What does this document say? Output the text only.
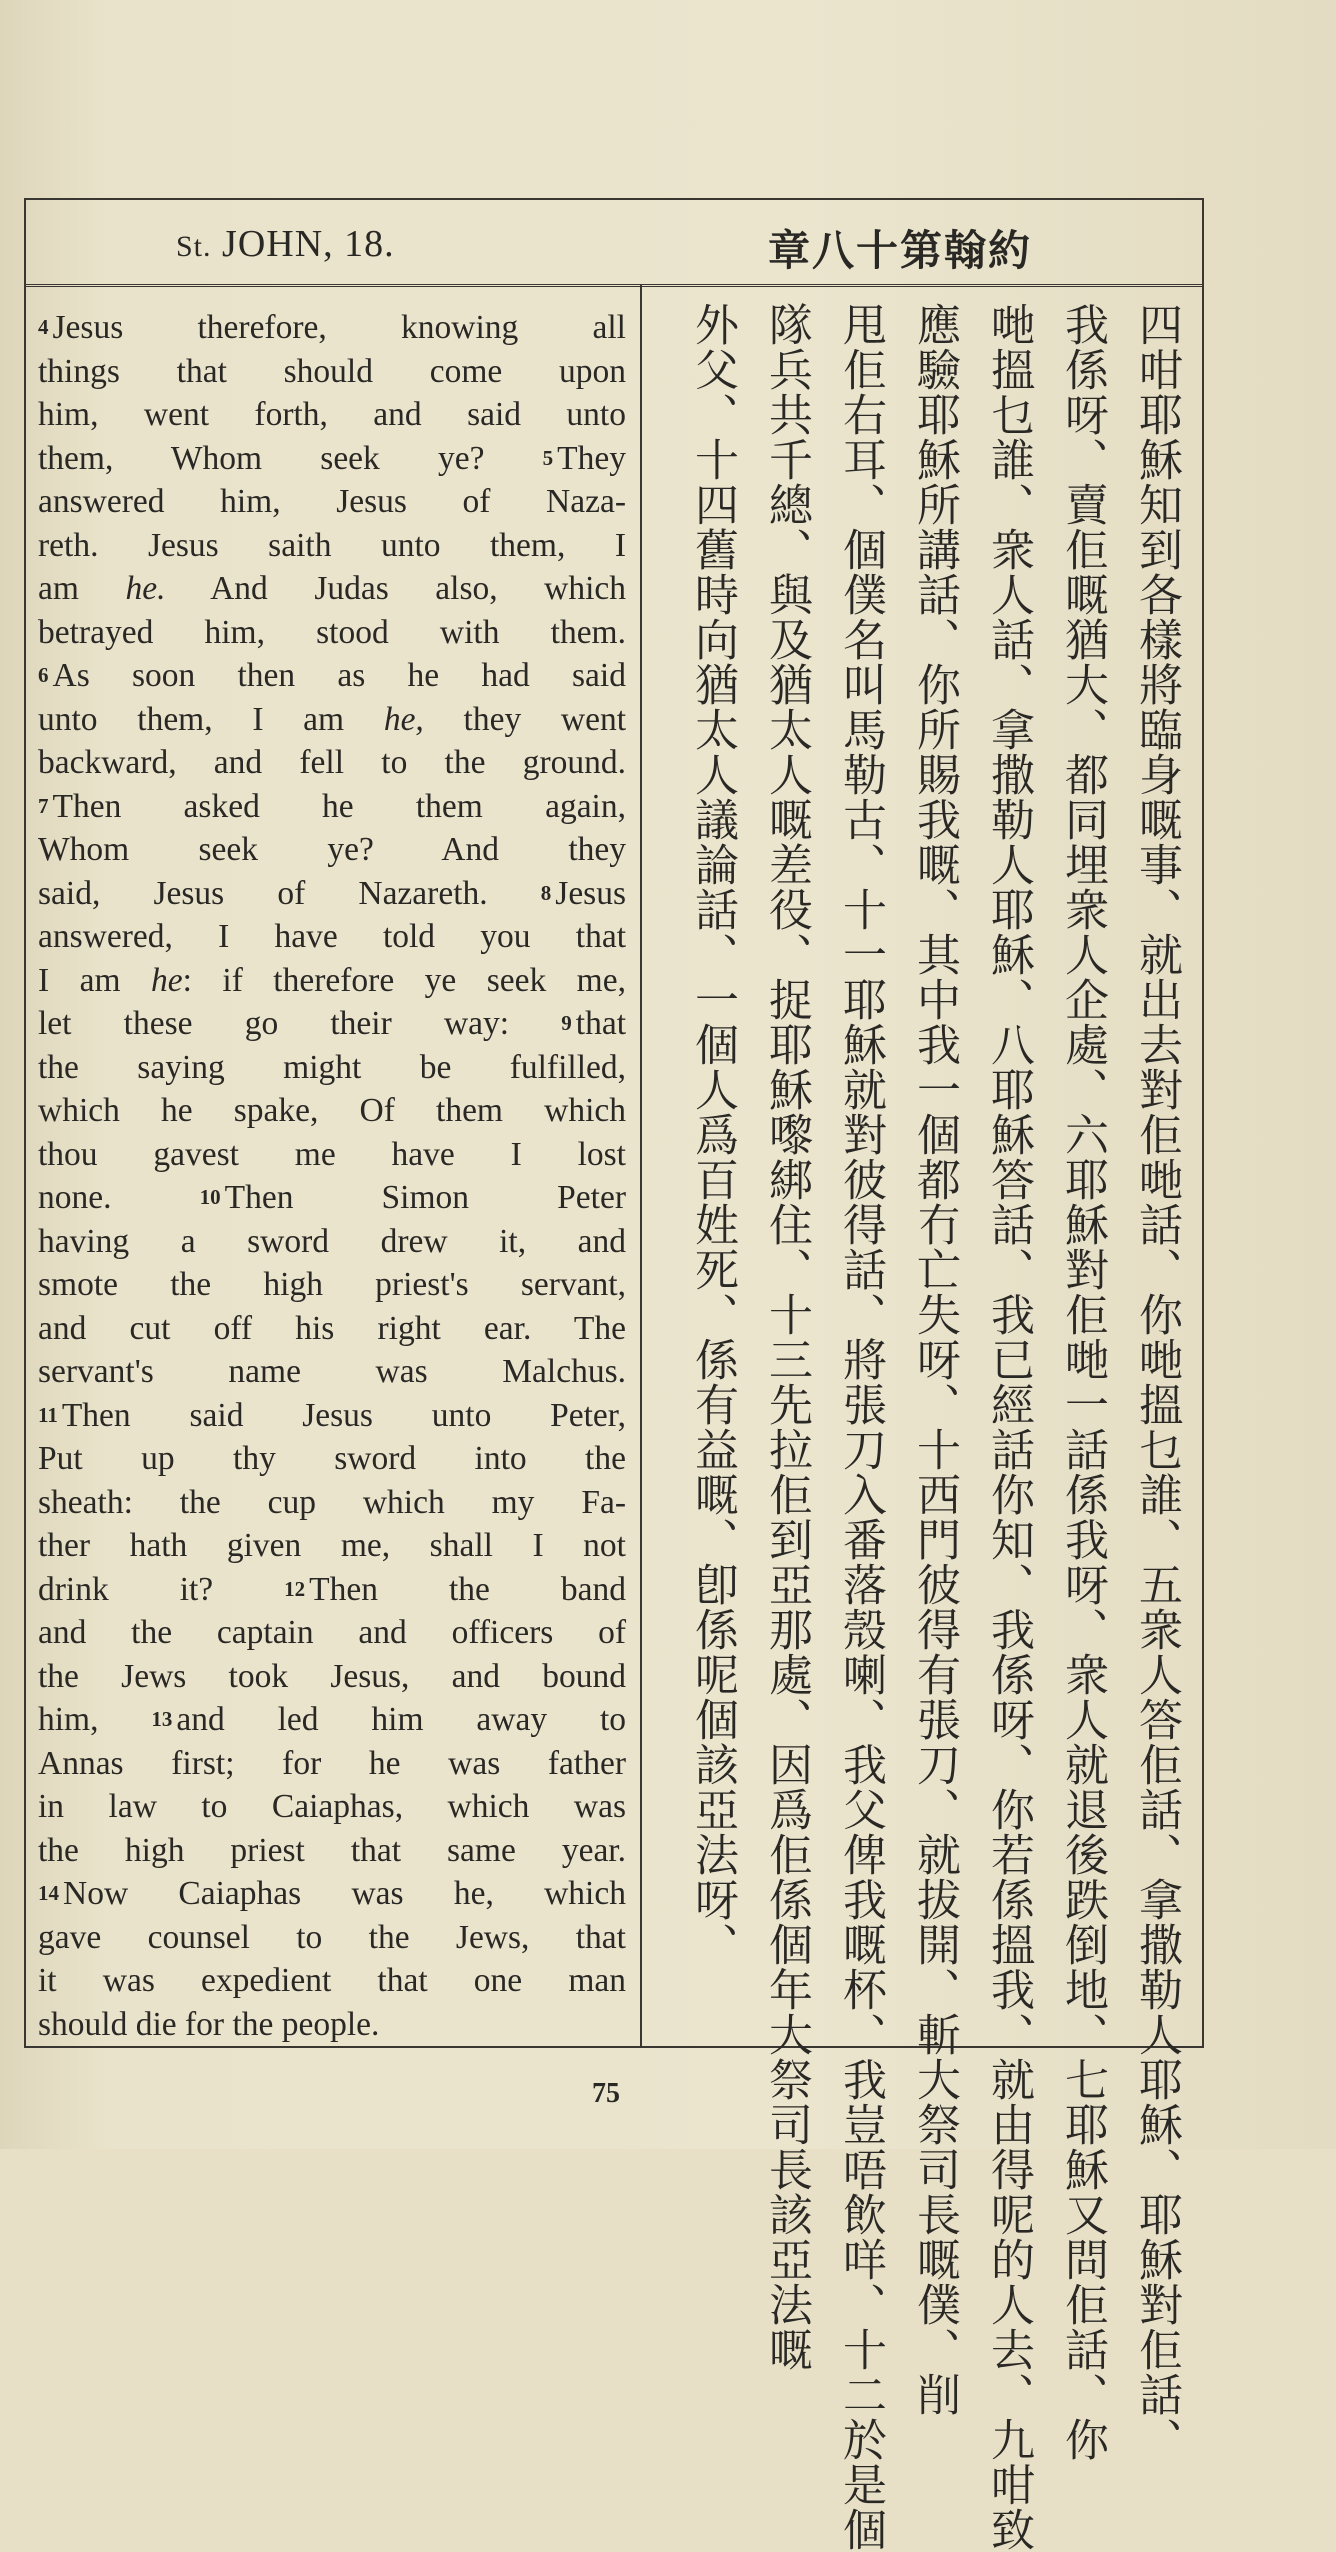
St. JOHN, 18.	章八十第翰約
4 Jesus therefore, knowing all
things that should come upon
him, went forth, and said unto
them, Whom seek ye?	5 They
answered him, Jesus of Naza-
reth. Jesus saith unto them, I
am he. And Judas also, which
betrayed him, stood with them.
6 As soon then as he had said
unto them, I am he, they went
backward, and fell to the ground.
7 Then asked he them again,
Whom seek ye? And they
said, Jesus of Nazareth.	8 Jesus
answered, I have told you that
I am he: if therefore ye seek me,
let these go their way: 9 that
the saying might be fulfilled,
which he spake, Of them which
thou gavest me have I lost
none.	10 Then Simon Peter
having a sword drew it, and
smote the high priest's servant,
and cut off his right ear. The
servant's name was Malchus.
11 Then said Jesus unto Peter,
Put up thy sword into the
sheath: the cup which my Fa-
ther hath given me, shall I not
drink it?	12 Then the band
and the captain and officers of
the Jews took Jesus, and bound
him,	13 and led him away to
Annas first; for he was father
in law to Caiaphas, which was
the high priest that same year.
14 Now Caiaphas was he, which
gave counsel to the Jews, that
it was expedient that one man
should die for the people.	四咁耶穌知到各樣將臨身嘅事、就出去對佢哋話、你哋搵乜誰、五衆人答佢話、拿撒勒人耶穌、耶穌對佢話、
我係呀、賣佢嘅猶大、都同埋衆人企處、六耶穌對佢哋一話係我呀、衆人就退後跌倒地、七耶穌又問佢話、你
哋搵乜誰、衆人話、拿撒勒人耶穌、八耶穌答話、我已經話你知、我係呀、你若係搵我、就由得呢的人去、九咁致
應驗耶穌所講話、你所賜我嘅、其中我一個都冇亡失呀、十西門彼得有張刀、就拔開、斬大祭司長嘅僕、削
甩佢右耳、個僕名叫馬勒古、十一耶穌就對彼得話、將張刀入番落殼喇、我父俾我嘅杯、我豈唔飲咩、十二於是個
隊兵共千總、與及猶太人嘅差役、捉耶穌嚟綁住、十三先拉佢到亞那處、因爲佢係個年大祭司長該亞法嘅
外父、十四舊時向猶太人議論話、一個人爲百姓死、係有益嘅、卽係呢個該亞法呀、
75
